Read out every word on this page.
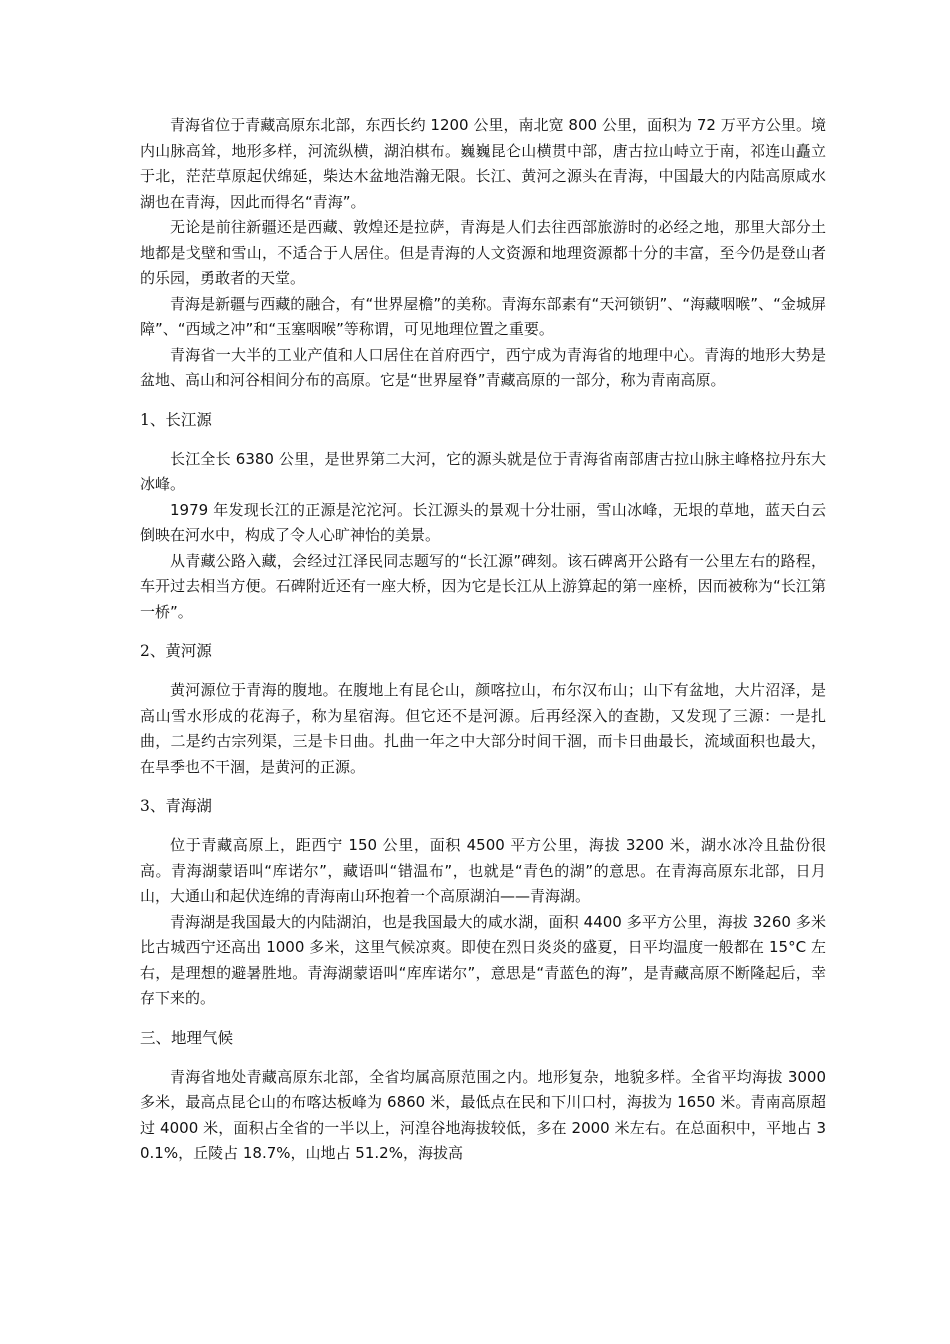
青海省位于青藏高原东北部，东西长约 1200 公里，南北宽 800 公里，面积为 72 万平方公里。境内山脉高耸，地形多样，河流纵横，湖泊棋布。巍巍昆仑山横贯中部，唐古拉山峙立于南，祁连山矗立于北，茫茫草原起伏绵延，柴达木盆地浩瀚无限。长江、黄河之源头在青海，中国最大的内陆高原咸水湖也在青海，因此而得名“青海”。

无论是前往新疆还是西藏、敦煌还是拉萨，青海是人们去往西部旅游时的必经之地，那里大部分土地都是戈壁和雪山，不适合于人居住。但是青海的人文资源和地理资源都十分的丰富，至今仍是登山者的乐园，勇敢者的天堂。

青海是新疆与西藏的融合，有“世界屋檐”的美称。青海东部素有“天河锁钥”、“海藏咽喉”、“金城屏障”、“西域之冲”和“玉塞咽喉”等称谓，可见地理位置之重要。

青海省一大半的工业产值和人口居住在首府西宁，西宁成为青海省的地理中心。青海的地形大势是盆地、高山和河谷相间分布的高原。它是“世界屋脊”青藏高原的一部分，称为青南高原。

1、长江源

长江全长 6380 公里，是世界第二大河，它的源头就是位于青海省南部唐古拉山脉主峰格拉丹东大冰峰。

1979 年发现长江的正源是沱沱河。长江源头的景观十分壮丽，雪山冰峰，无垠的草地，蓝天白云倒映在河水中，构成了令人心旷神怡的美景。

从青藏公路入藏，会经过江泽民同志题写的“长江源”碑刻。该石碑离开公路有一公里左右的路程，车开过去相当方便。石碑附近还有一座大桥，因为它是长江从上游算起的第一座桥，因而被称为“长江第一桥”。

2、黄河源

黄河源位于青海的腹地。在腹地上有昆仑山，颜喀拉山，布尔汉布山；山下有盆地，大片沼泽，是高山雪水形成的花海子，称为星宿海。但它还不是河源。后再经深入的查勘，又发现了三源：一是扎曲，二是约古宗列渠，三是卡日曲。扎曲一年之中大部分时间干涸，而卡日曲最长，流域面积也最大，在旱季也不干涸，是黄河的正源。

3、青海湖

位于青藏高原上，距西宁 150 公里，面积 4500 平方公里，海拔 3200 米，湖水冰冷且盐份很高。青海湖蒙语叫“库诺尔”，藏语叫“错温布”，也就是“青色的湖”的意思。在青海高原东北部，日月山，大通山和起伏连绵的青海南山环抱着一个高原湖泊——青海湖。

青海湖是我国最大的内陆湖泊，也是我国最大的咸水湖，面积 4400 多平方公里，海拔 3260 多米比古城西宁还高出 1000 多米，这里气候凉爽。即使在烈日炎炎的盛夏，日平均温度一般都在 15°C 左右，是理想的避暑胜地。青海湖蒙语叫“库库诺尔”，意思是“青蓝色的海”，是青藏高原不断隆起后，幸存下来的。

三、地理气候

青海省地处青藏高原东北部，全省均属高原范围之内。地形复杂，地貌多样。全省平均海拔 3000 多米，最高点昆仑山的布喀达板峰为 6860 米，最低点在民和下川口村，海拔为 1650 米。青南高原超过 4000 米，面积占全省的一半以上，河湟谷地海拔较低，多在 2000 米左右。在总面积中，平地占 30.1%，丘陵占 18.7%，山地占 51.2%，海拔高
